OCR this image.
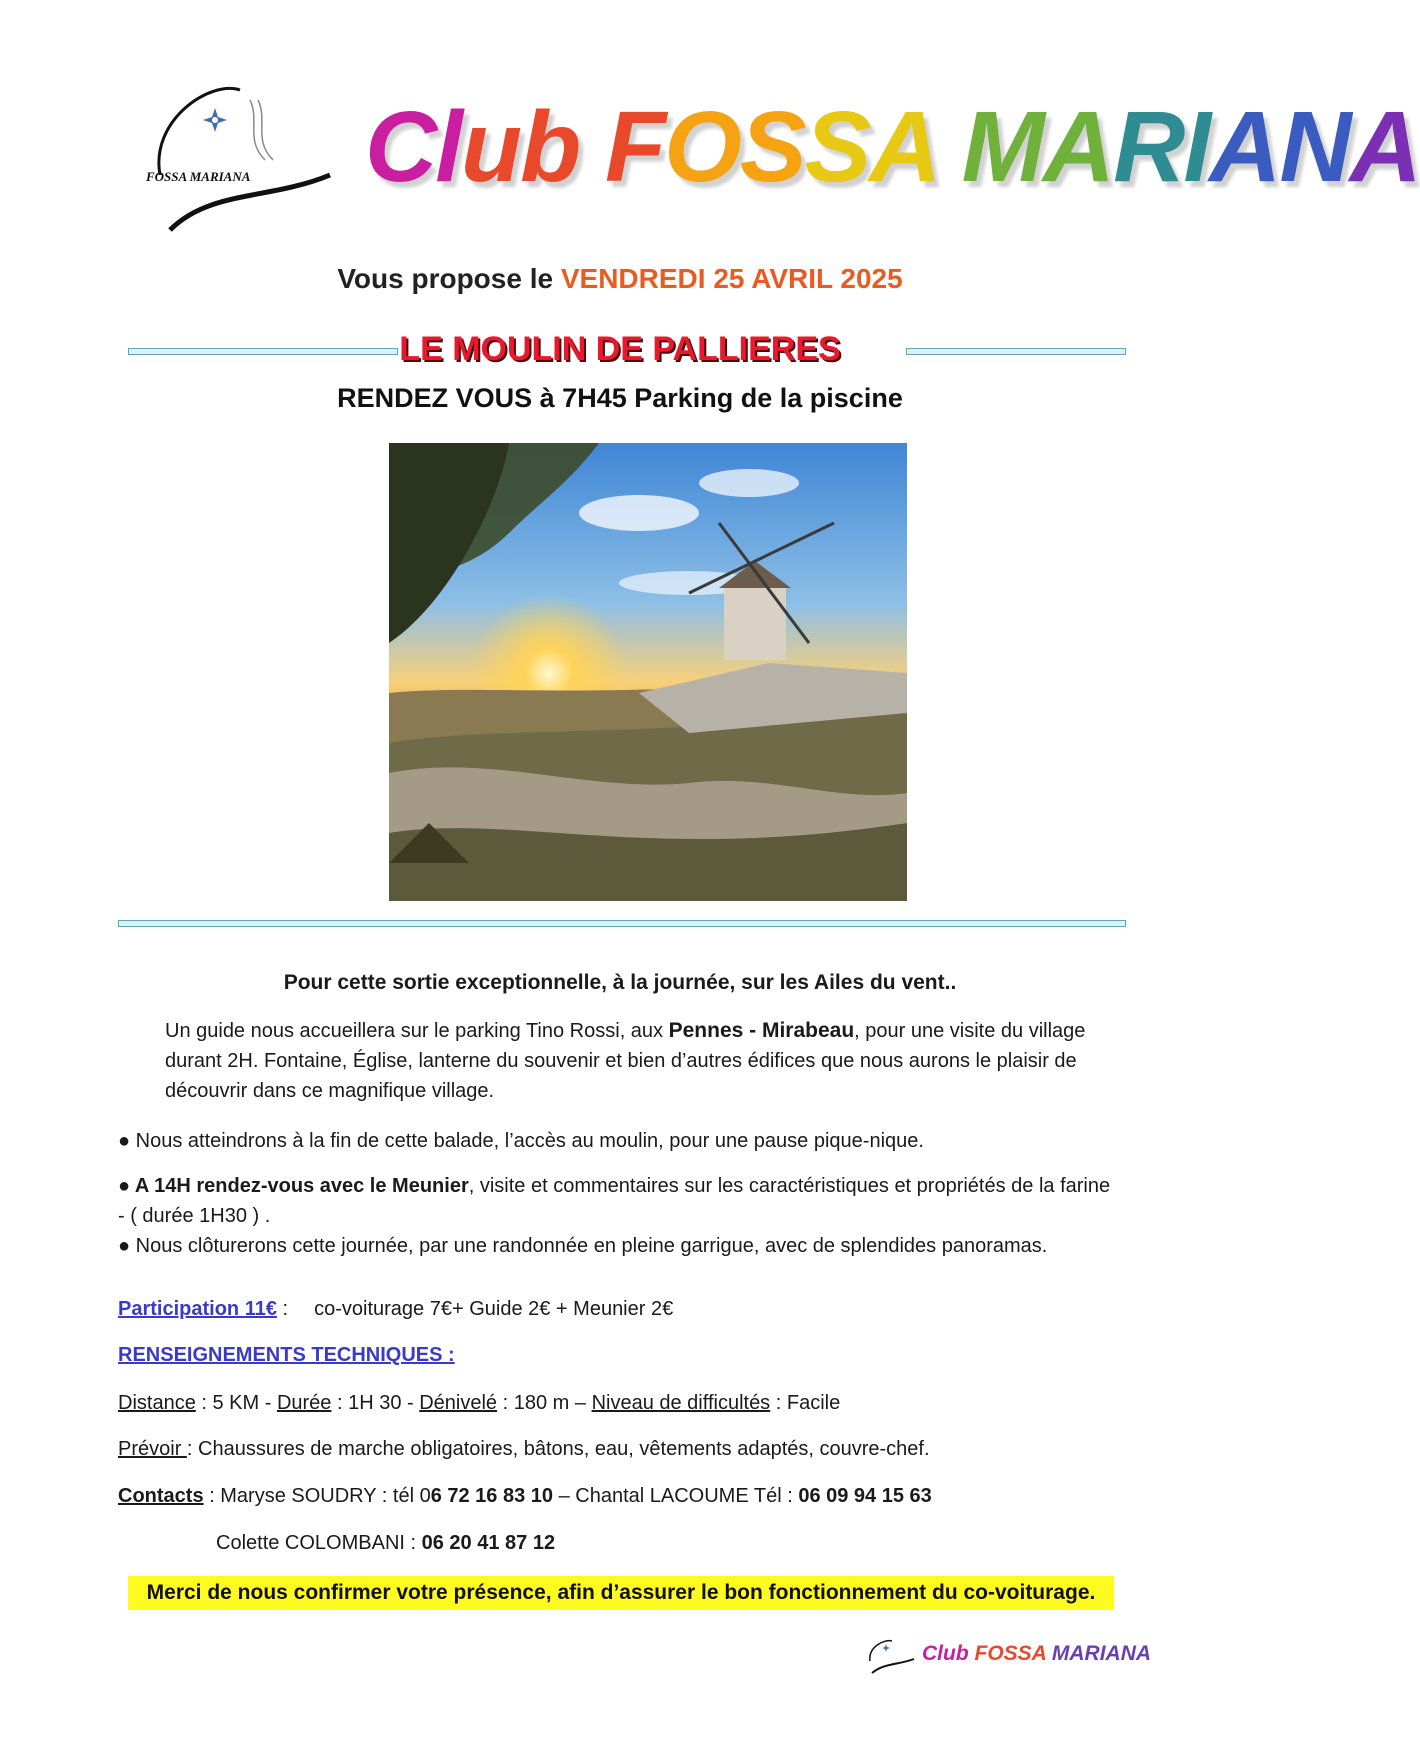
FOSSA MARIANA Club FOSSA MARIANA
Vous propose le VENDREDI 25 AVRIL 2025
LE MOULIN DE PALLIERES
RENDEZ VOUS à 7H45 Parking de la piscine
Pour cette sortie exceptionnelle, à la journée, sur les Ailes du vent..
Un guide nous accueillera sur le parking Tino Rossi, aux Pennes - Mirabeau, pour une visite du village durant 2H. Fontaine, Église, lanterne du souvenir et bien d’autres édifices que nous aurons le plaisir de découvrir dans ce magnifique village.
● Nous atteindrons à la fin de cette balade, l’accès au moulin, pour une pause pique-nique.
● A 14H rendez-vous avec le Meunier, visite et commentaires sur les caractéristiques et propriétés de la farine - ( durée 1H30 ) .
● Nous clôturerons cette journée, par une randonnée en pleine garrigue, avec de splendides panoramas.
Participation 11€ : co-voiturage 7€+ Guide 2€ + Meunier 2€
RENSEIGNEMENTS TECHNIQUES :
Distance : 5 KM - Durée : 1H 30 - Dénivelé : 180 m – Niveau de difficultés : Facile
Prévoir : Chaussures de marche obligatoires, bâtons, eau, vêtements adaptés, couvre-chef.
Contacts : Maryse SOUDRY : tél 06 72 16 83 10 – Chantal LACOUME Tél : 06 09 94 15 63
Colette COLOMBANI : 06 20 41 87 12
Merci de nous confirmer votre présence, afin d’assurer le bon fonctionnement du co-voiturage.
Club FOSSA MARIANA
